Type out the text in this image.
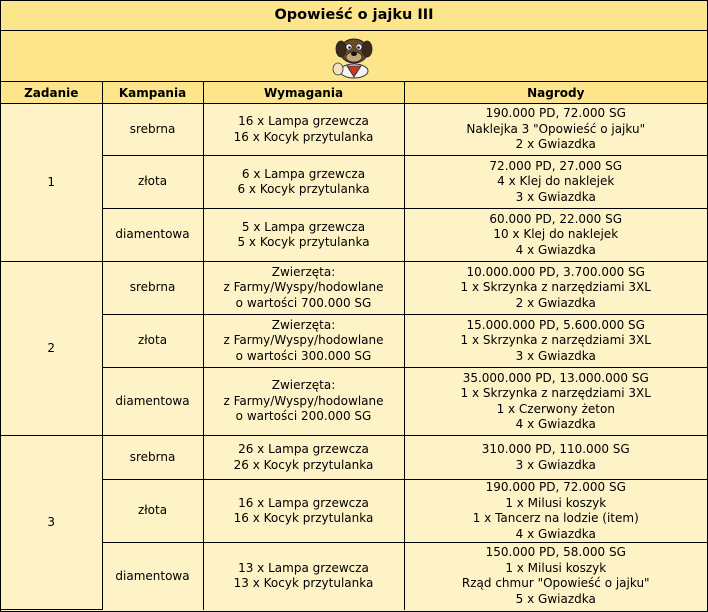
Opowieść o jajku III
Zadanie	Kampania	Wymagania	Nagrody
1	srebrna	16 x Lampa grzewcza
16 x Kocyk przytulanka	190.000 PD, 72.000 SG
Naklejka 3 "Opowieść o jajku"
2 x Gwiazdka

	złota	6 x Lampa grzewcza
6 x Kocyk przytulanka	72.000 PD, 27.000 SG
4 x Klej do naklejek
3 x Gwiazdka

	diamentowa	5 x Lampa grzewcza
5 x Kocyk przytulanka	60.000 PD, 22.000 SG
10 x Klej do naklejek
4 x Gwiazdka

2	srebrna	Zwierzęta:
z Farmy/Wyspy/hodowlane
o wartości 700.000 SG	10.000.000 PD, 3.700.000 SG
1 x Skrzynka z narzędziami 3XL
2 x Gwiazdka

	złota	Zwierzęta:
z Farmy/Wyspy/hodowlane
o wartości 300.000 SG	15.000.000 PD, 5.600.000 SG
1 x Skrzynka z narzędziami 3XL
3 x Gwiazdka

	diamentowa	Zwierzęta:
z Farmy/Wyspy/hodowlane
o wartości 200.000 SG	35.000.000 PD, 13.000.000 SG
1 x Skrzynka z narzędziami 3XL
1 x Czerwony żeton
4 x Gwiazdka

3	srebrna	26 x Lampa grzewcza
26 x Kocyk przytulanka	310.000 PD, 110.000 SG
3 x Gwiazdka

	złota	16 x Lampa grzewcza
16 x Kocyk przytulanka	190.000 PD, 72.000 SG
1 x Milusi koszyk
1 x Tancerz na lodzie (item)
4 x Gwiazdka

	diamentowa	13 x Lampa grzewcza
13 x Kocyk przytulanka	150.000 PD, 58.000 SG
1 x Milusi koszyk
Rząd chmur "Opowieść o jajku"
5 x Gwiazdka
